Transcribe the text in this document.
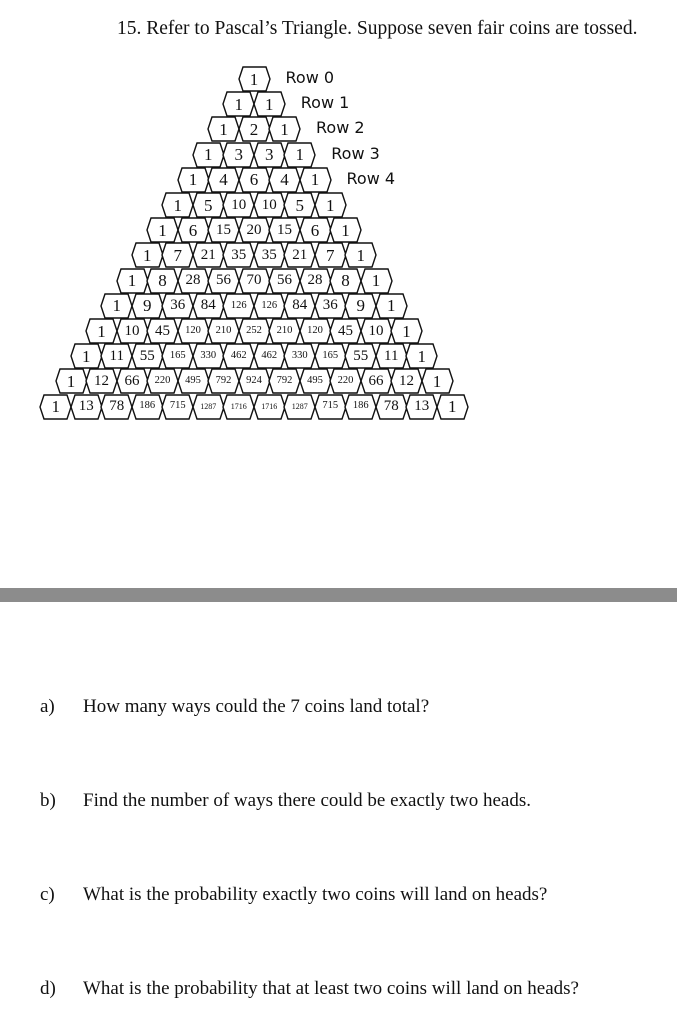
15. Refer to Pascal’s Triangle. Suppose seven fair coins are tossed.
1
1 1
1 2 1
1 3 3 1
1 4 6 4 1
1 5 10 10 5 1
1 6 15 20 15 6 1
1 7 21 35 35 21 7 1
1 8 28 56 70 56 28 8 1
1 9 36 84 126 126 84 36 9 1
1 10 45 120 210 252 210 120 45 10 1
1 11 55 165 330 462 462 330 165 55 11 1
1 12 66 220 495 792 924 792 495 220 66 12 1
1 13 78 186 715 1287 1716 1716 1287 715 186 78 13 1
Row 0
Row 1
Row 2
Row 3
Row 4
a) How many ways could the 7 coins land total?
b) Find the number of ways there could be exactly two heads.
c) What is the probability exactly two coins will land on heads?
d) What is the probability that at least two coins will land on heads?
